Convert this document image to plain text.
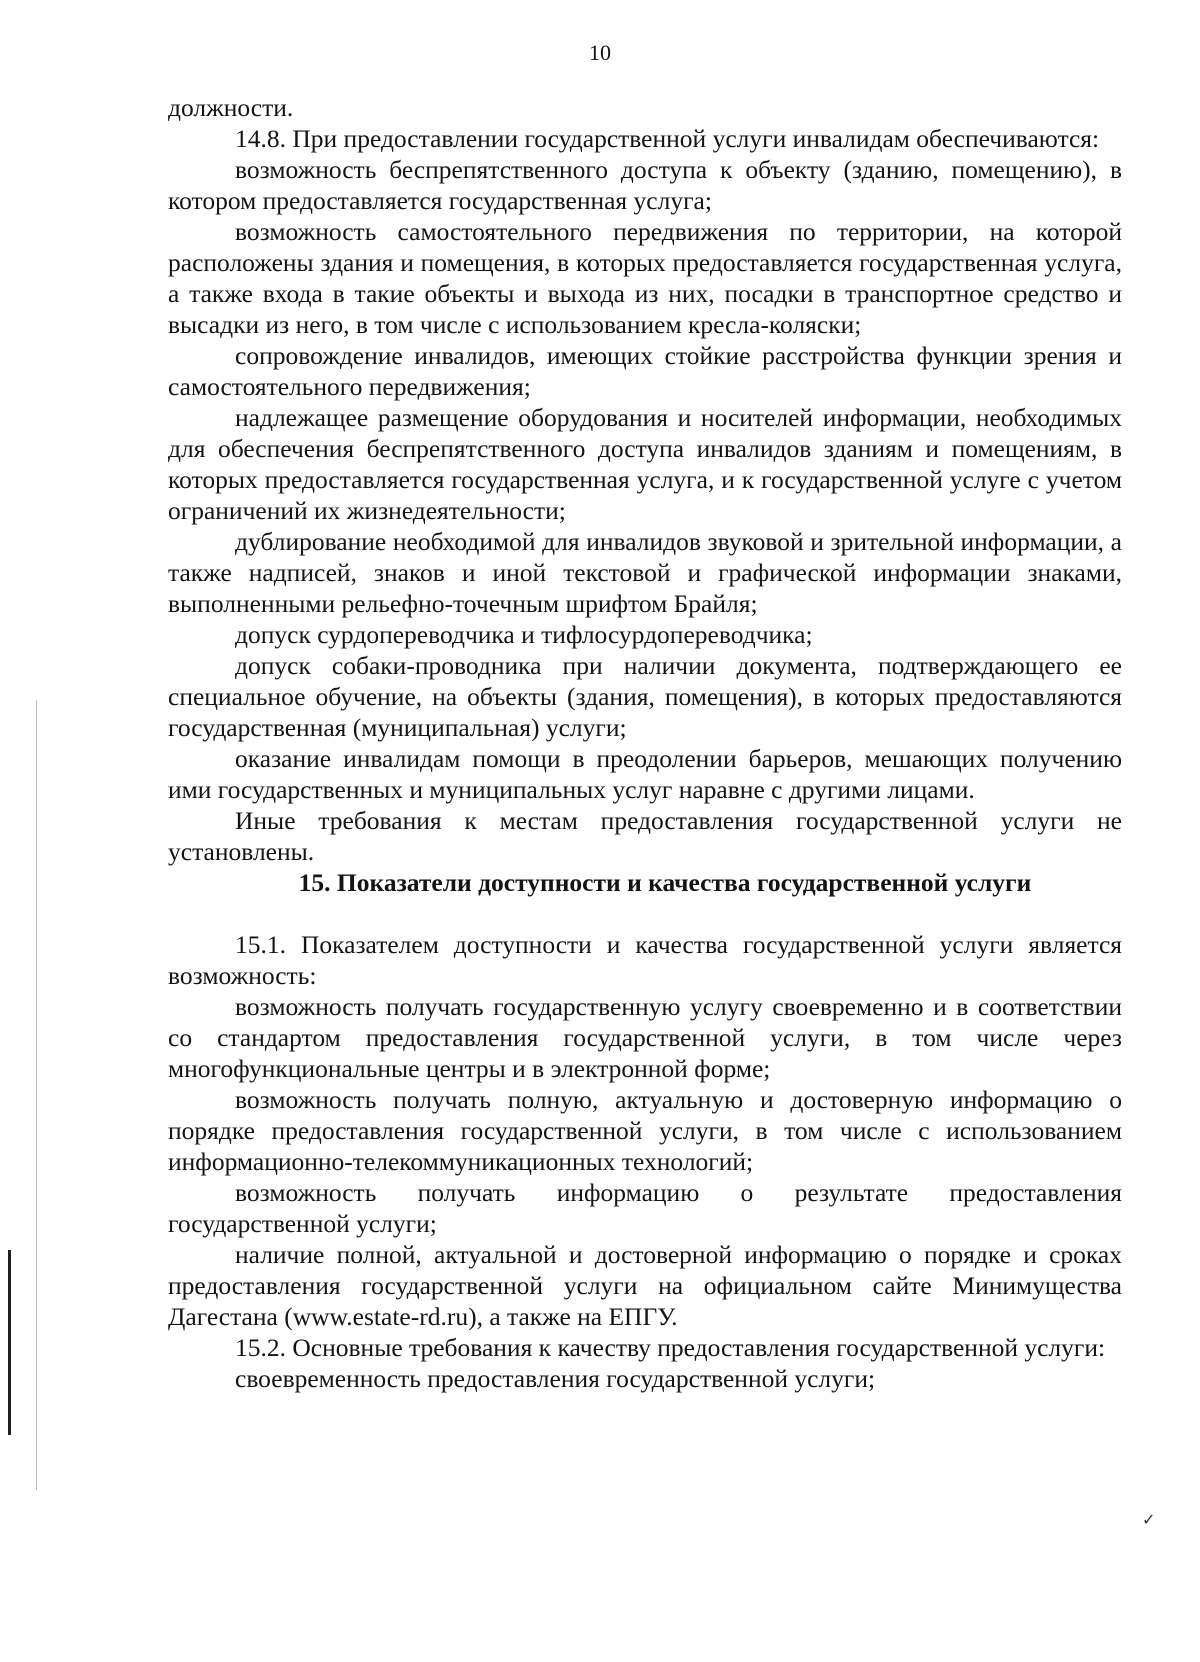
10

должности.

14.8. При предоставлении государственной услуги инвалидам обеспечиваются:

возможность беспрепятственного доступа к объекту (зданию, помещению), в котором предоставляется государственная услуга;

возможность самостоятельного передвижения по территории, на которой расположены здания и помещения, в которых предоставляется государственная услуга, а также входа в такие объекты и выхода из них, посадки в транспортное средство и высадки из него, в том числе с использованием кресла-коляски;

сопровождение инвалидов, имеющих стойкие расстройства функции зрения и самостоятельного передвижения;

надлежащее размещение оборудования и носителей информации, необходимых для обеспечения беспрепятственного доступа инвалидов зданиям и помещениям, в которых предоставляется государственная услуга, и к государственной услуге с учетом ограничений их жизнедеятельности;

дублирование необходимой для инвалидов звуковой и зрительной информации, а также надписей, знаков и иной текстовой и графической информации знаками, выполненными рельефно-точечным шрифтом Брайля;

допуск сурдопереводчика и тифлосурдопереводчика;

допуск собаки-проводника при наличии документа, подтверждающего ее специальное обучение, на объекты (здания, помещения), в которых предоставляются государственная (муниципальная) услуги;

оказание инвалидам помощи в преодолении барьеров, мешающих получению ими государственных и муниципальных услуг наравне с другими лицами.

Иные требования к местам предоставления государственной услуги не установлены.

15. Показатели доступности и качества государственной услуги

15.1. Показателем доступности и качества государственной услуги является возможность:

возможность получать государственную услугу своевременно и в соответствии со стандартом предоставления государственной услуги, в том числе через многофункциональные центры и в электронной форме;

возможность получать полную, актуальную и достоверную информацию о порядке предоставления государственной услуги, в том числе с использованием информационно-телекоммуникационных технологий;

возможность получать информацию о результате предоставления государственной услуги;

наличие полной, актуальной и достоверной информацию о порядке и сроках предоставления государственной услуги на официальном сайте Минимущества Дагестана (www.estate-rd.ru), а также на ЕПГУ.

15.2. Основные требования к качеству предоставления государственной услуги:

своевременность предоставления государственной услуги;

✓
